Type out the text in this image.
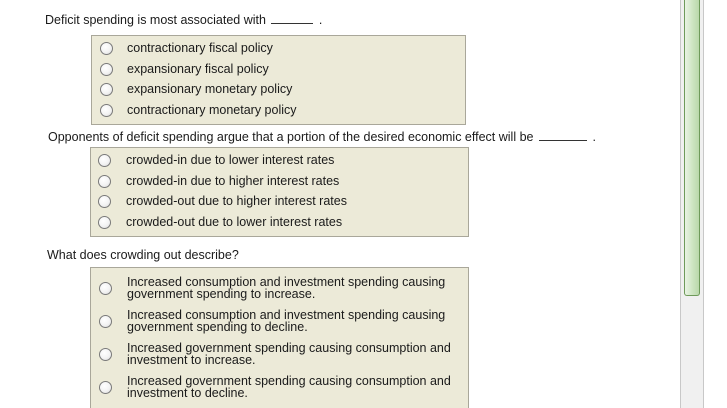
Deficit spending is most associated with	.
contractionary fiscal policy
expansionary fiscal policy
expansionary monetary policy
contractionary monetary policy
Opponents of deficit spending argue that a portion of the desired economic effect will be	.
crowded-in due to lower interest rates
crowded-in due to higher interest rates
crowded-out due to higher interest rates
crowded-out due to lower interest rates
What does crowding out describe?
Increased consumption and investment spending causing government spending to increase.
Increased consumption and investment spending causing government spending to decline.
Increased government spending causing consumption and investment to increase.
Increased government spending causing consumption and investment to decline.
